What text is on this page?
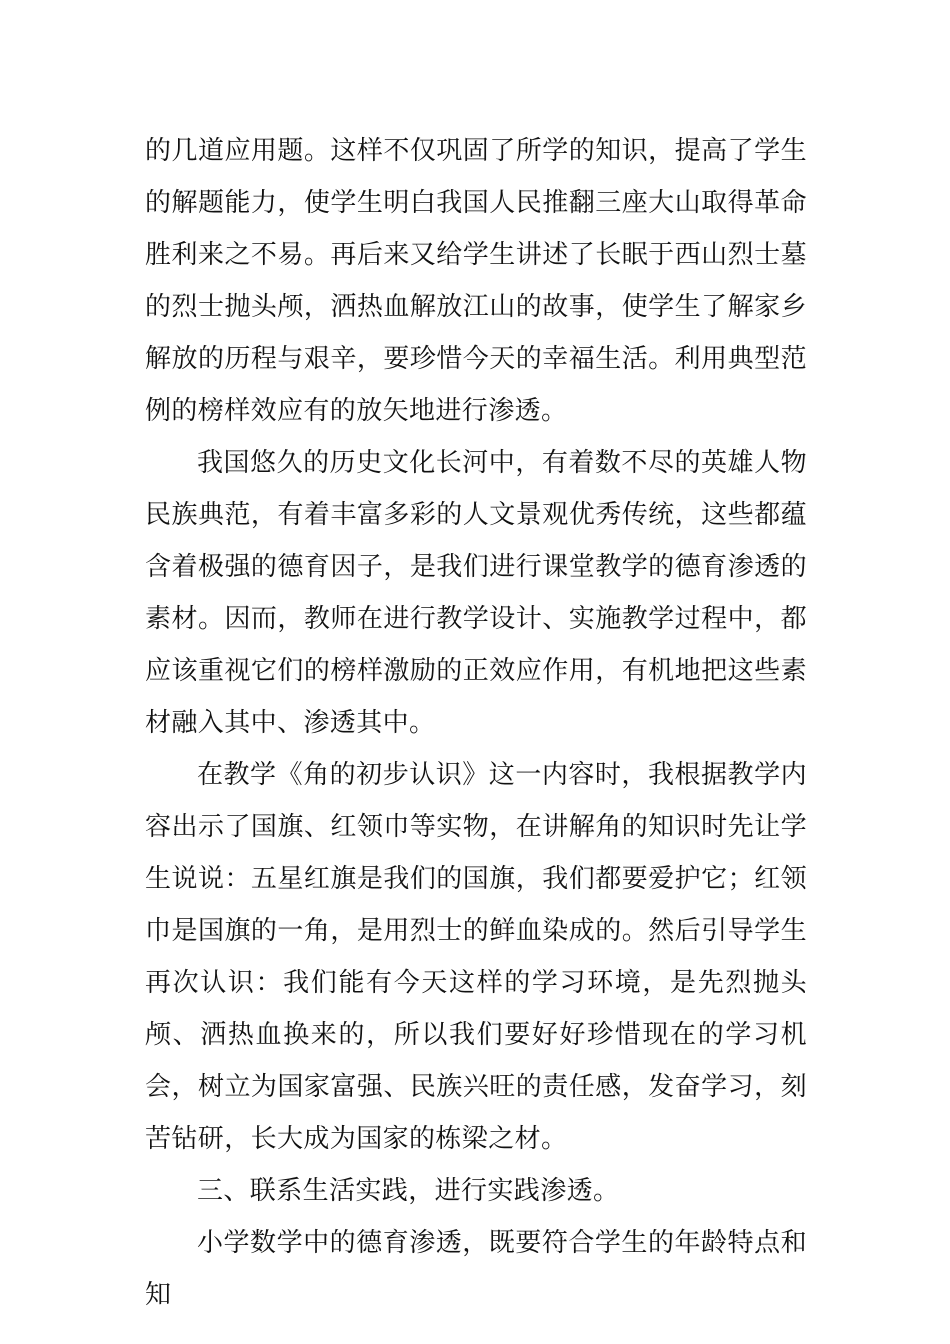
的几道应用题。这样不仅巩固了所学的知识，提高了学生的解题能力，使学生明白我国人民推翻三座大山取得革命胜利来之不易。再后来又给学生讲述了长眠于西山烈士墓的烈士抛头颅，洒热血解放江山的故事，使学生了解家乡解放的历程与艰辛，要珍惜今天的幸福生活。利用典型范例的榜样效应有的放矢地进行渗透。

我国悠久的历史文化长河中，有着数不尽的英雄人物民族典范，有着丰富多彩的人文景观优秀传统，这些都蕴含着极强的德育因子，是我们进行课堂教学的德育渗透的素材。因而，教师在进行教学设计、实施教学过程中，都应该重视它们的榜样激励的正效应作用，有机地把这些素材融入其中、渗透其中。

在教学《角的初步认识》这一内容时，我根据教学内容出示了国旗、红领巾等实物，在讲解角的知识时先让学生说说：五星红旗是我们的国旗，我们都要爱护它；红领巾是国旗的一角，是用烈士的鲜血染成的。然后引导学生再次认识：我们能有今天这样的学习环境，是先烈抛头颅、洒热血换来的，所以我们要好好珍惜现在的学习机会，树立为国家富强、民族兴旺的责任感，发奋学习，刻苦钻研，长大成为国家的栋梁之材。

三、联系生活实践，进行实践渗透。

小学数学中的德育渗透，既要符合学生的年龄特点和知
